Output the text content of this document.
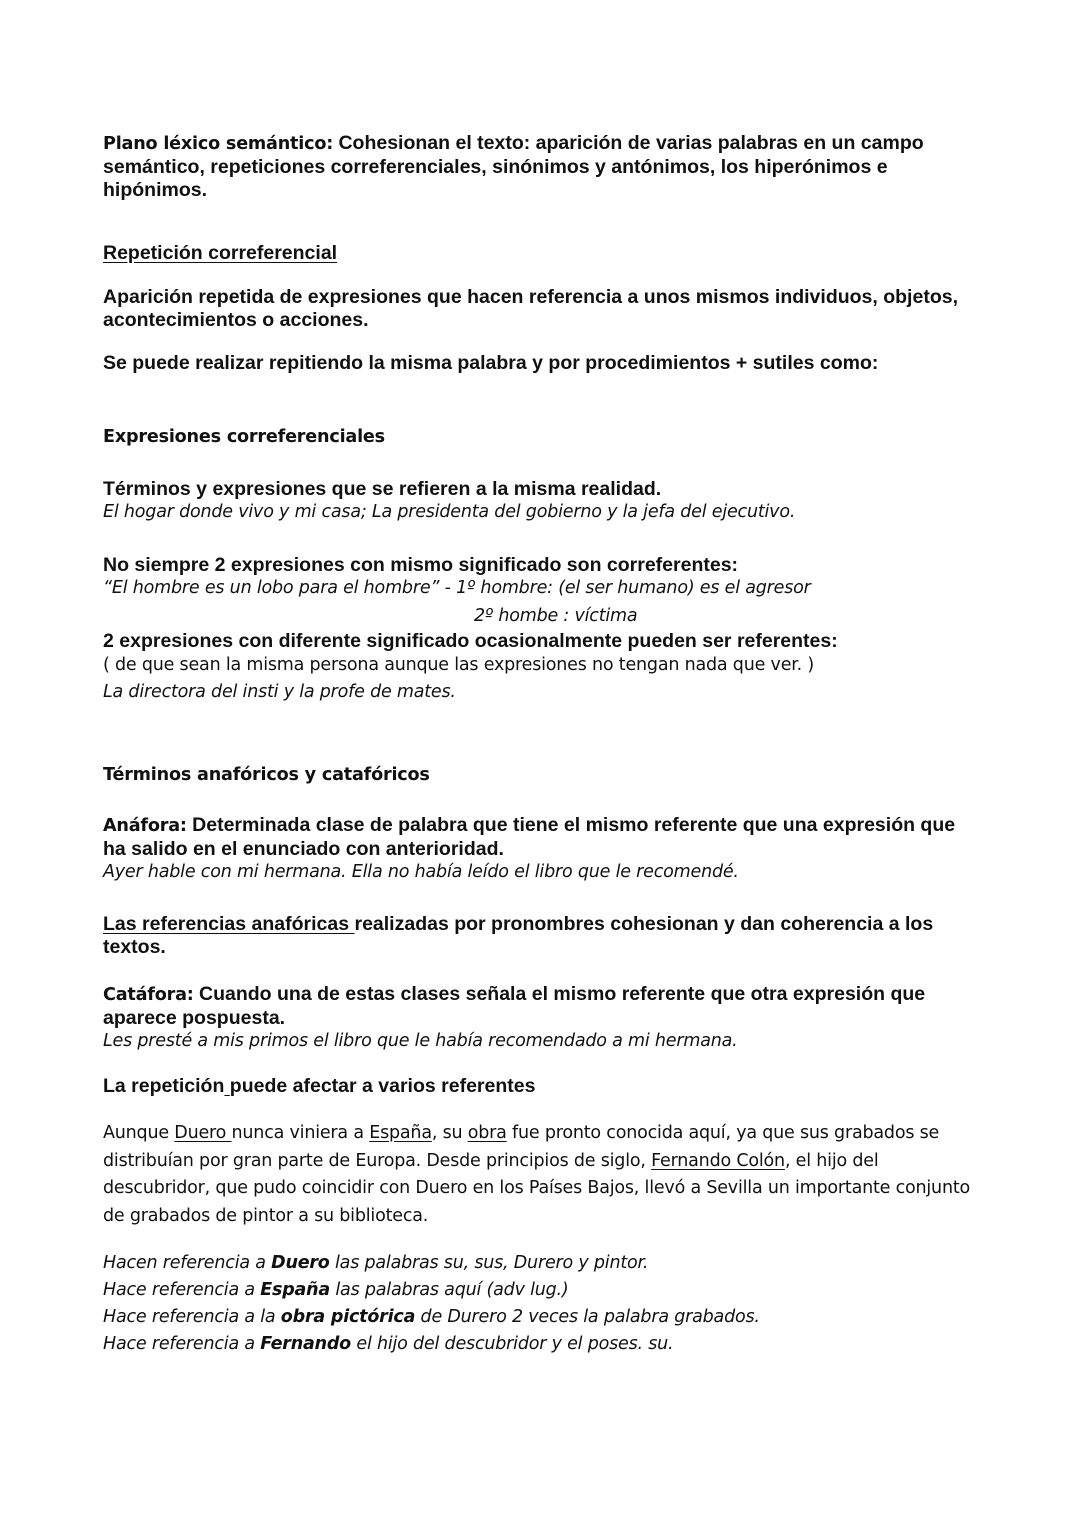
Plano léxico semántico: Cohesionan el texto: aparición de varias palabras en un campo semántico, repeticiones correferenciales, sinónimos y antónimos, los hiperónimos e hipónimos.

Repetición correferencial

Aparición repetida de expresiones que hacen referencia a unos mismos individuos, objetos, acontecimientos o acciones.

Se puede realizar repitiendo la misma palabra y por procedimientos + sutiles como:

Expresiones correferenciales

Términos y expresiones que se refieren a la misma realidad.

El hogar donde vivo y mi casa; La presidenta del gobierno y la jefa del ejecutivo.

No siempre 2 expresiones con mismo significado son correferentes:

“El hombre es un lobo para el hombre” - 1º hombre: (el ser humano) es el agresor

2º hombe : víctima

2 expresiones con diferente significado ocasionalmente pueden ser referentes:

( de que sean la misma persona aunque las expresiones no tengan nada que ver. )

La directora del insti y la profe de mates.

Términos anafóricos y catafóricos

Anáfora: Determinada clase de palabra que tiene el mismo referente que una expresión que ha salido en el enunciado con anterioridad.

Ayer hable con mi hermana. Ella no había leído el libro que le recomendé.

Las referencias anafóricas realizadas por pronombres cohesionan y dan coherencia a los textos.

Catáfora: Cuando una de estas clases señala el mismo referente que otra expresión que aparece pospuesta.

Les presté a mis primos el libro que le había recomendado a mi hermana.

La repetición puede afectar a varios referentes

Aunque Duero nunca viniera a España, su obra fue pronto conocida aquí, ya que sus grabados se distribuían por gran parte de Europa. Desde principios de siglo, Fernando Colón, el hijo del descubridor, que pudo coincidir con Duero en los Países Bajos, llevó a Sevilla un importante conjunto de grabados de pintor a su biblioteca.

Hacen referencia a Duero las palabras su, sus, Durero y pintor.

Hace referencia a España las palabras aquí (adv lug.)

Hace referencia a la obra pictórica de Durero 2 veces la palabra grabados.

Hace referencia a Fernando el hijo del descubridor y el poses. su.
